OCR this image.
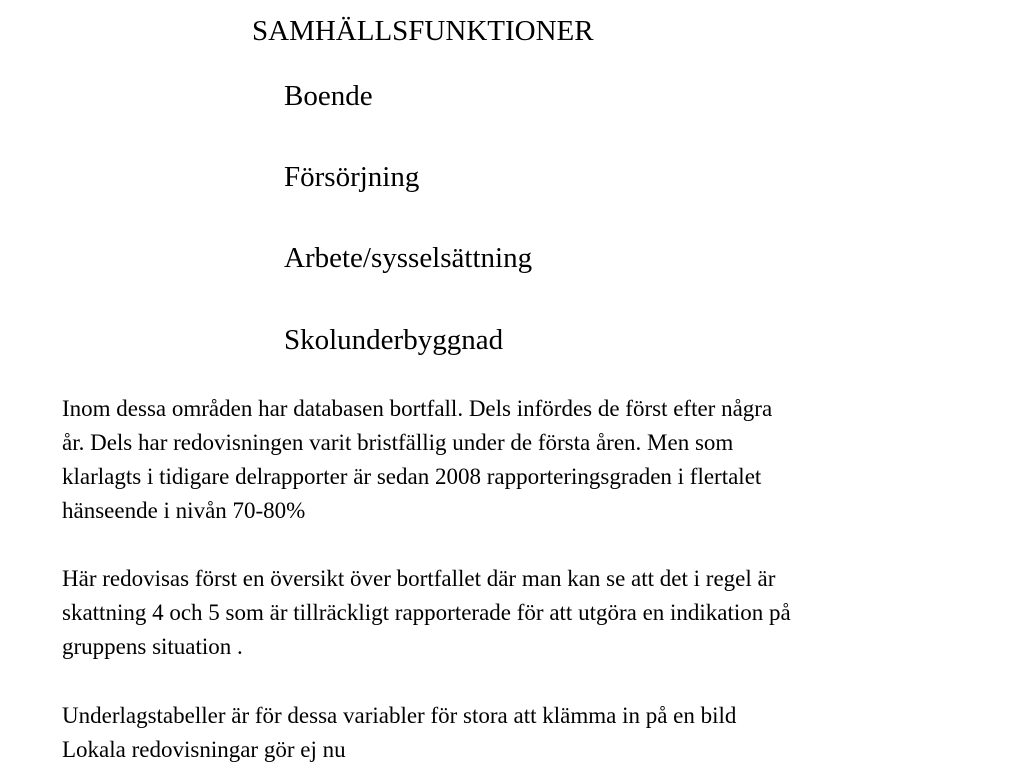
SAMHÄLLSFUNKTIONER
Boende
Försörjning
Arbete/sysselsättning
Skolunderbyggnad

Inom dessa områden har databasen bortfall. Dels infördes de först efter några
år. Dels har redovisningen varit bristfällig under de första åren. Men som
klarlagts i tidigare delrapporter är sedan 2008 rapporteringsgraden i flertalet
hänseende i nivån 70-80%

Här redovisas först en översikt över bortfallet där man kan se att det i regel är
skattning 4 och 5 som är tillräckligt rapporterade för att utgöra en indikation på
gruppens situation .

Underlagstabeller är för dessa variabler för stora att klämma in på en bild
Lokala redovisningar gör ej nu
